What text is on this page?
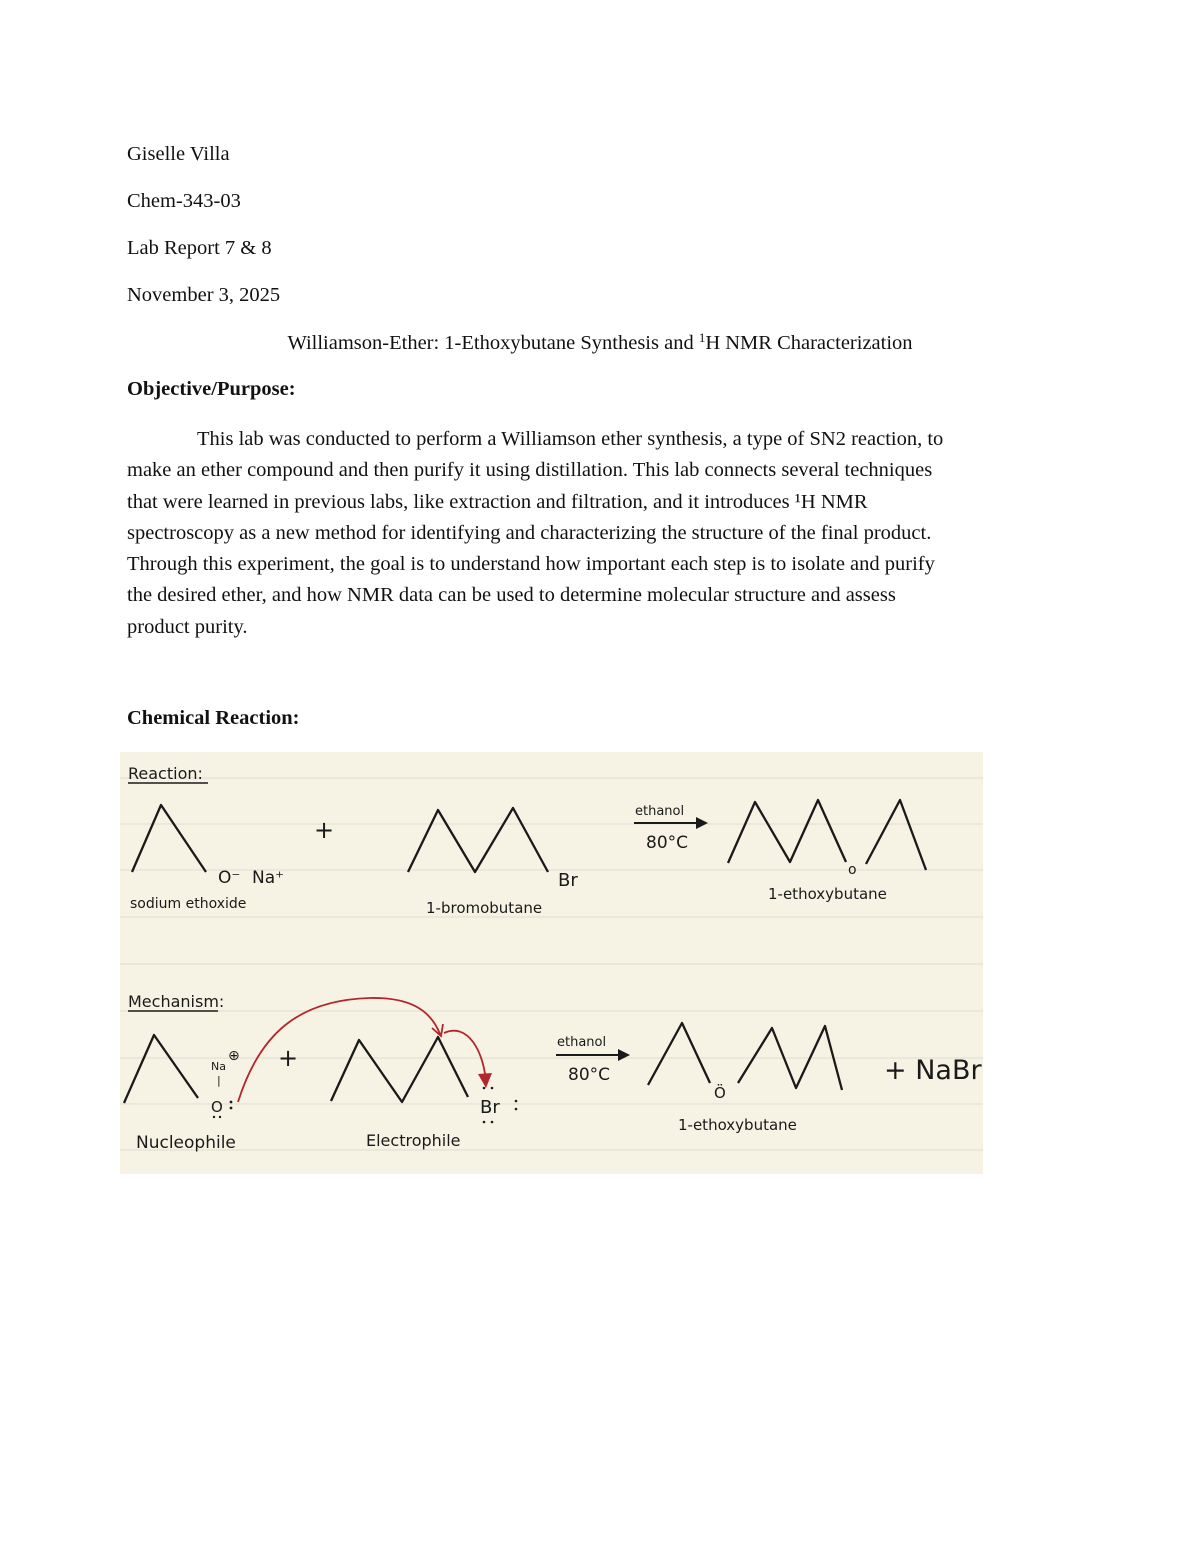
Giselle Villa
Chem-343-03
Lab Report 7 & 8
November 3, 2025
Williamson-Ether: 1-Ethoxybutane Synthesis and $^1$H NMR Characterization
Objective/Purpose:
This lab was conducted to perform a Williamson ether synthesis, a type of SN2 reaction, to
make an ether compound and then purify it using distillation. This lab connects several techniques
that were learned in previous labs, like extraction and filtration, and it introduces ¹H NMR
spectroscopy as a new method for identifying and characterizing the structure of the final product.
Through this experiment, the goal is to understand how important each step is to isolate and purify
the desired ether, and how NMR data can be used to determine molecular structure and assess
product purity.
Chemical Reaction:
Reaction:
O⁻ Na⁺
sodium ethoxide
+
Br
1-bromobutane
ethanol
80°C
o
1-ethoxybutane
Mechanism:
Na
⊕
|
O
Nucleophile
+
Br
Electrophile
ethanol
80°C
Ö
1-ethoxybutane
+ NaBr
